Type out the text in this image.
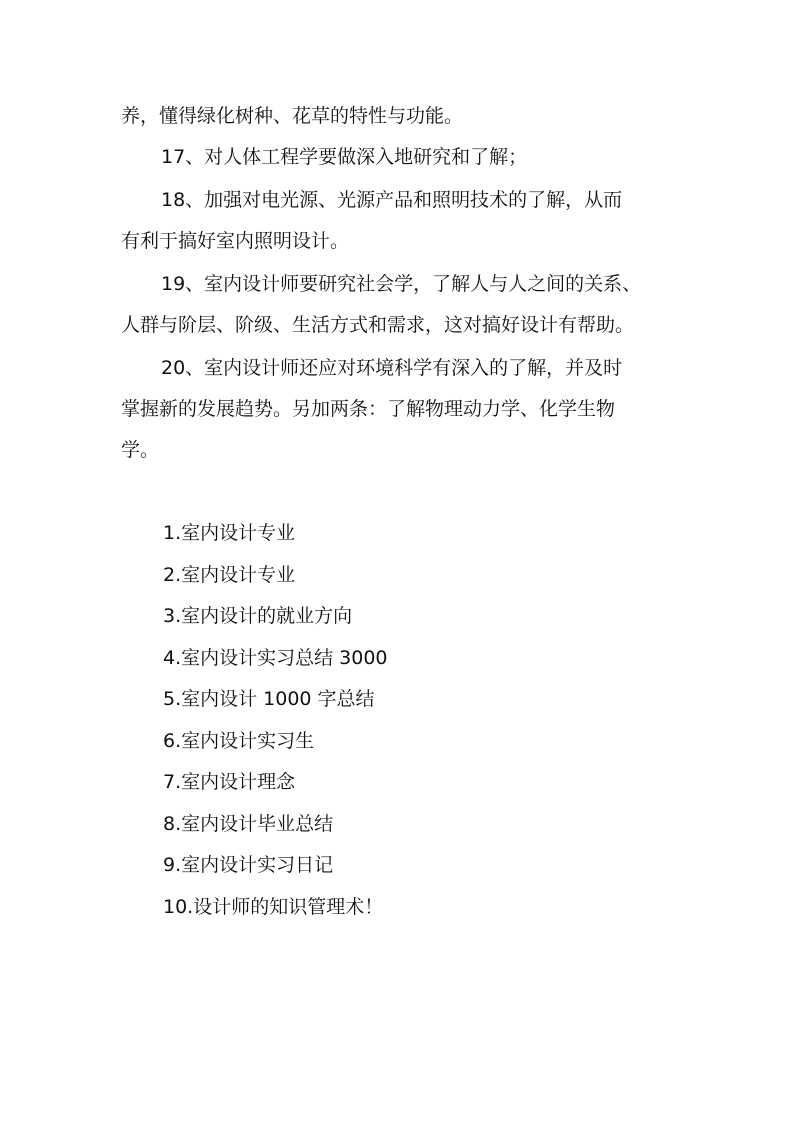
养，懂得绿化树种、花草的特性与功能。

17、对人体工程学要做深入地研究和了解；

18、加强对电光源、光源产品和照明技术的了解，从而
有利于搞好室内照明设计。

19、室内设计师要研究社会学，了解人与人之间的关系、
人群与阶层、阶级、生活方式和需求，这对搞好设计有帮助。

20、室内设计师还应对环境科学有深入的了解，并及时
掌握新的发展趋势。另加两条：了解物理动力学、化学生物
学。

1.室内设计专业
2.室内设计专业
3.室内设计的就业方向
4.室内设计实习总结 3000
5.室内设计 1000 字总结
6.室内设计实习生
7.室内设计理念
8.室内设计毕业总结
9.室内设计实习日记
10.设计师的知识管理术！
